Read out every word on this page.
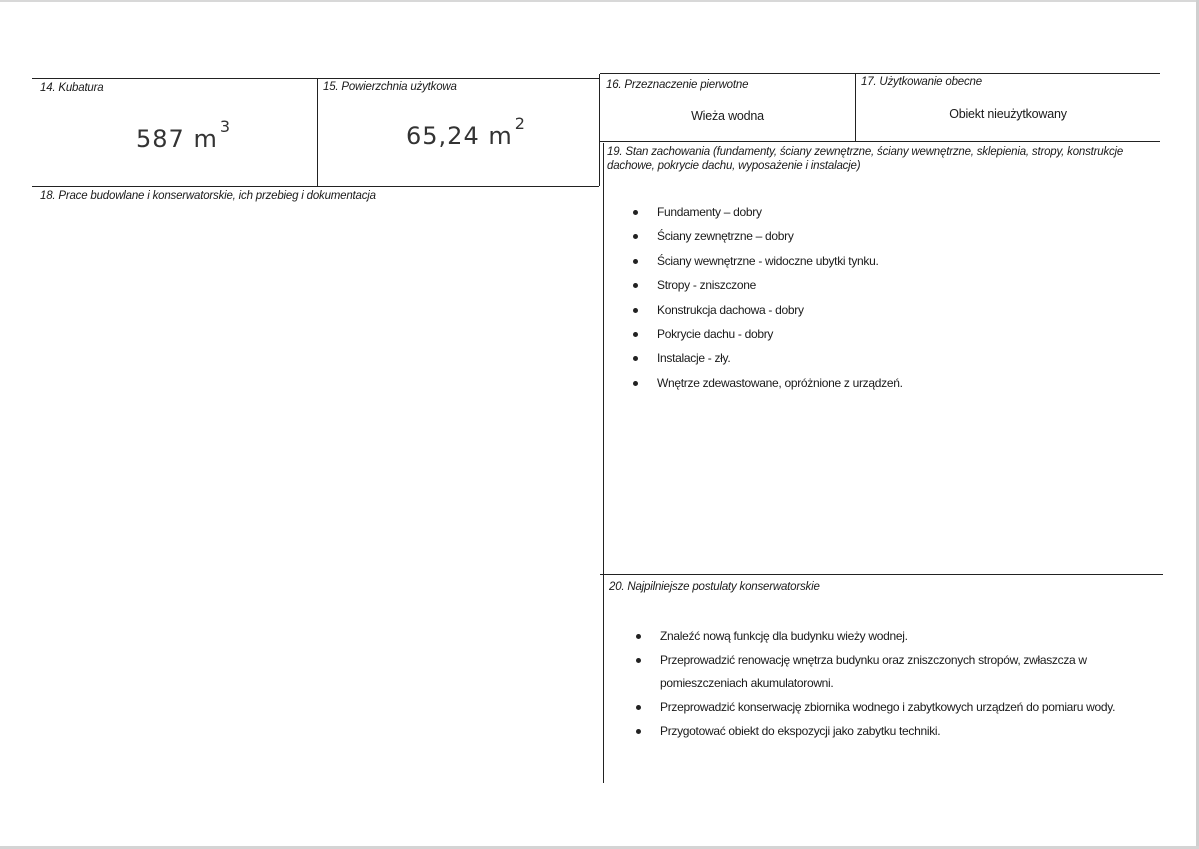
14. Kubatura
587 m $^3$
15. Powierzchnia użytkowa
65,24 m $^2$
16. Przeznaczenie pierwotne
Wieża wodna
17. Użytkowanie obecne
Obiekt nieużytkowany
18. Prace budowlane i konserwatorskie, ich przebieg i dokumentacja
19. Stan zachowania (fundamenty, ściany zewnętrzne, ściany wewnętrzne, sklepienia, stropy, konstrukcje dachowe, pokrycie dachu, wyposażenie i instalacje)
Fundamenty – dobry
Ściany zewnętrzne – dobry
Ściany wewnętrzne - widoczne ubytki tynku.
Stropy - zniszczone
Konstrukcja dachowa - dobry
Pokrycie dachu - dobry
Instalacje - zły.
Wnętrze zdewastowane, opróżnione z urządzeń.
20. Najpilniejsze postulaty konserwatorskie
Znaleźć nową funkcję dla budynku wieży wodnej.
Przeprowadzić renowację wnętrza budynku oraz zniszczonych stropów, zwłaszcza w pomieszczeniach akumulatorowni.
Przeprowadzić konserwację zbiornika wodnego i zabytkowych urządzeń do pomiaru wody.
Przygotować obiekt do ekspozycji jako zabytku techniki.
